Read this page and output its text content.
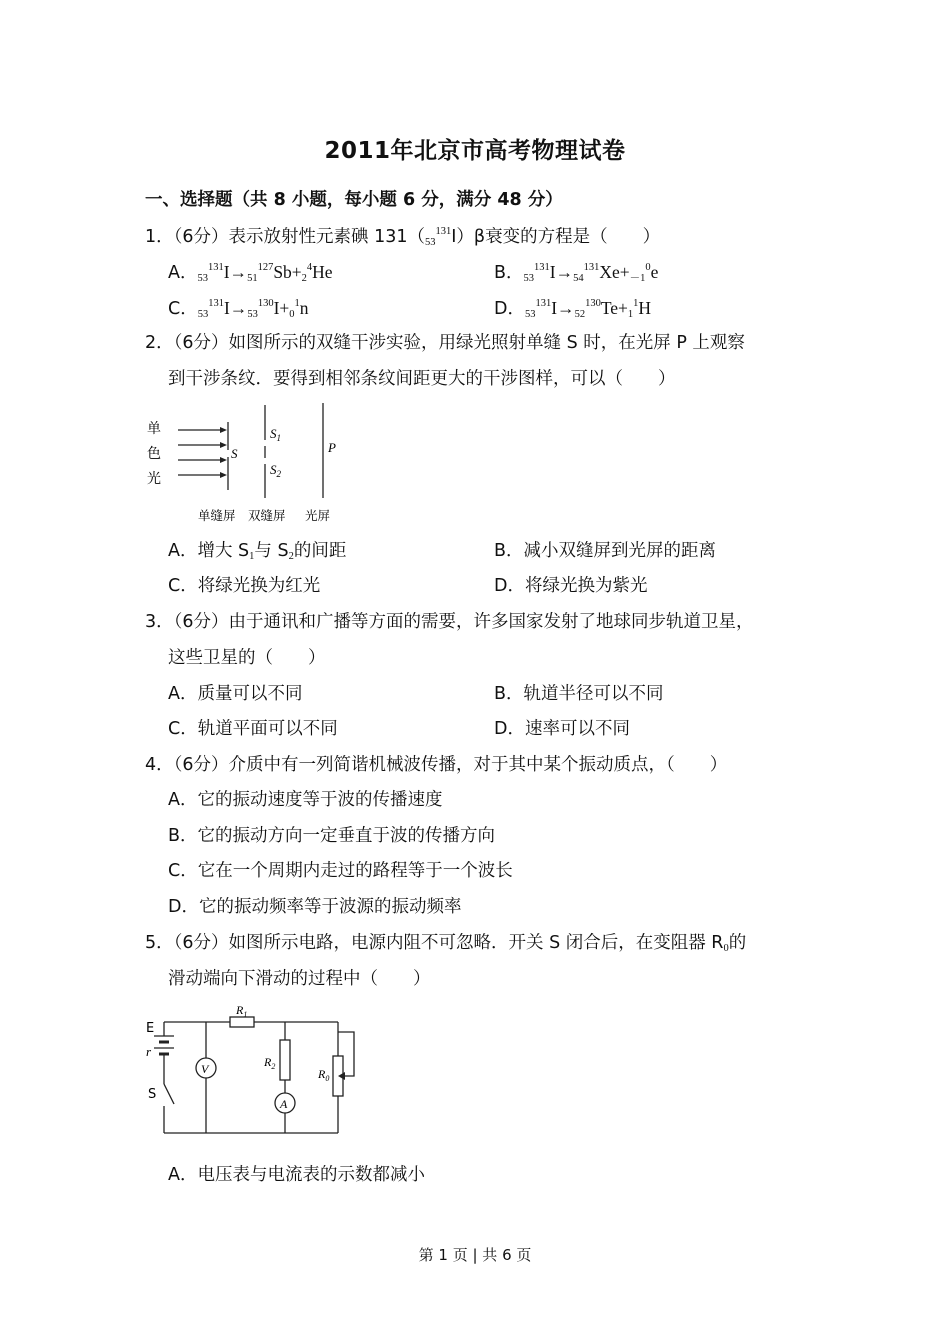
2011年北京市高考物理试卷
一、选择题（共 8 小题，每小题 6 分，满分 48 分）
1．（6分）表示放射性元素碘 $131(_{53}^{131}I)\beta$衰变的方程是（　　）
A．$_{53}^{131}I\to_{51}^{127}Sb+_2^4He$	B．$_{53}^{131}I\to_{54}^{131}Xe+_{-1}^0e$
C．$_{53}^{131}I\to_{53}^{130}I+_0^1n$	D．$_{53}^{131}I\to_{52}^{130}Te+_1^1H$
2．（6分）如图所示的双缝干涉实验，用绿光照射单缝 S 时，在光屏 P 上观察
到干涉条纹．要得到相邻条纹间距更大的干涉图样，可以（　　）
单
色
光
S
$S_1$
$S_2$
P
单缝屏 双缝屏 光屏
A．增大 $S_1$与 $S_2$的间距	B．减小双缝屏到光屏的距离
C．将绿光换为红光	D．将绿光换为紫光
3．（6分）由于通讯和广播等方面的需要，许多国家发射了地球同步轨道卫星，
这些卫星的（　　）
A．质量可以不同	B．轨道半径可以不同
C．轨道平面可以不同	D．速率可以不同
4．（6分）介质中有一列简谐机械波传播，对于其中某个振动质点，（　　）
A．它的振动速度等于波的传播速度
B．它的振动方向一定垂直于波的传播方向
C．它在一个周期内走过的路程等于一个波长
D．它的振动频率等于波源的振动频率
5．（6分）如图所示电路，电源内阻不可忽略．开关 S 闭合后，在变阻器 $R_0$的
滑动端向下滑动的过程中（　　）
E
r
S
V
A
$R_1$
$R_2$
$R_0$
A．电压表与电流表的示数都减小
第 1 页 | 共 6 页
